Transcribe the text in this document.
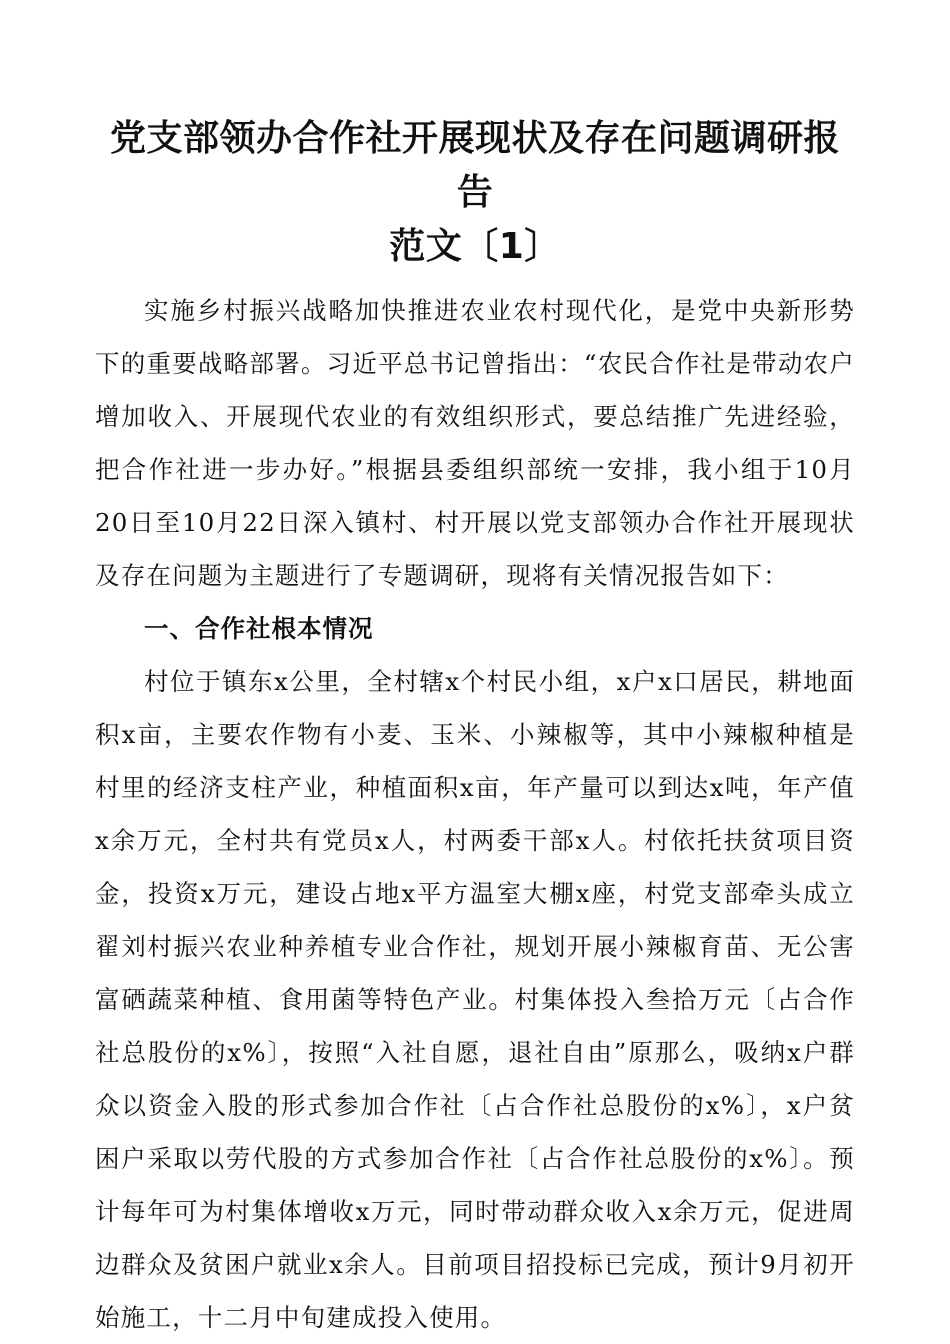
党支部领办合作社开展现状及存在问题调研报告
范文〔1〕

实施乡村振兴战略加快推进农业农村现代化，是党中央新形势下的重要战略部署。习近平总书记曾指出：“农民合作社是带动农户增加收入、开展现代农业的有效组织形式，要总结推广先进经验，把合作社进一步办好。”根据县委组织部统一安排，我小组于10月20日至10月22日深入镇村、村开展以党支部领办合作社开展现状及存在问题为主题进行了专题调研，现将有关情况报告如下：

一、合作社根本情况

村位于镇东x公里，全村辖x个村民小组，x户x口居民，耕地面积x亩，主要农作物有小麦、玉米、小辣椒等，其中小辣椒种植是村里的经济支柱产业，种植面积x亩，年产量可以到达x吨，年产值x余万元，全村共有党员x人，村两委干部x人。村依托扶贫项目资金，投资x万元，建设占地x平方温室大棚x座，村党支部牵头成立翟刘村振兴农业种养植专业合作社，规划开展小辣椒育苗、无公害富硒蔬菜种植、食用菌等特色产业。村集体投入叁拾万元〔占合作社总股份的x%〕，按照“入社自愿，退社自由”原那么，吸纳x户群众以资金入股的形式参加合作社〔占合作社总股份的x%〕，x户贫困户采取以劳代股的方式参加合作社〔占合作社总股份的x%〕。预计每年可为村集体增收x万元，同时带动群众收入x余万元，促进周边群众及贫困户就业x余人。目前项目招投标已完成，预计9月初开始施工，十二月中旬建成投入使用。
